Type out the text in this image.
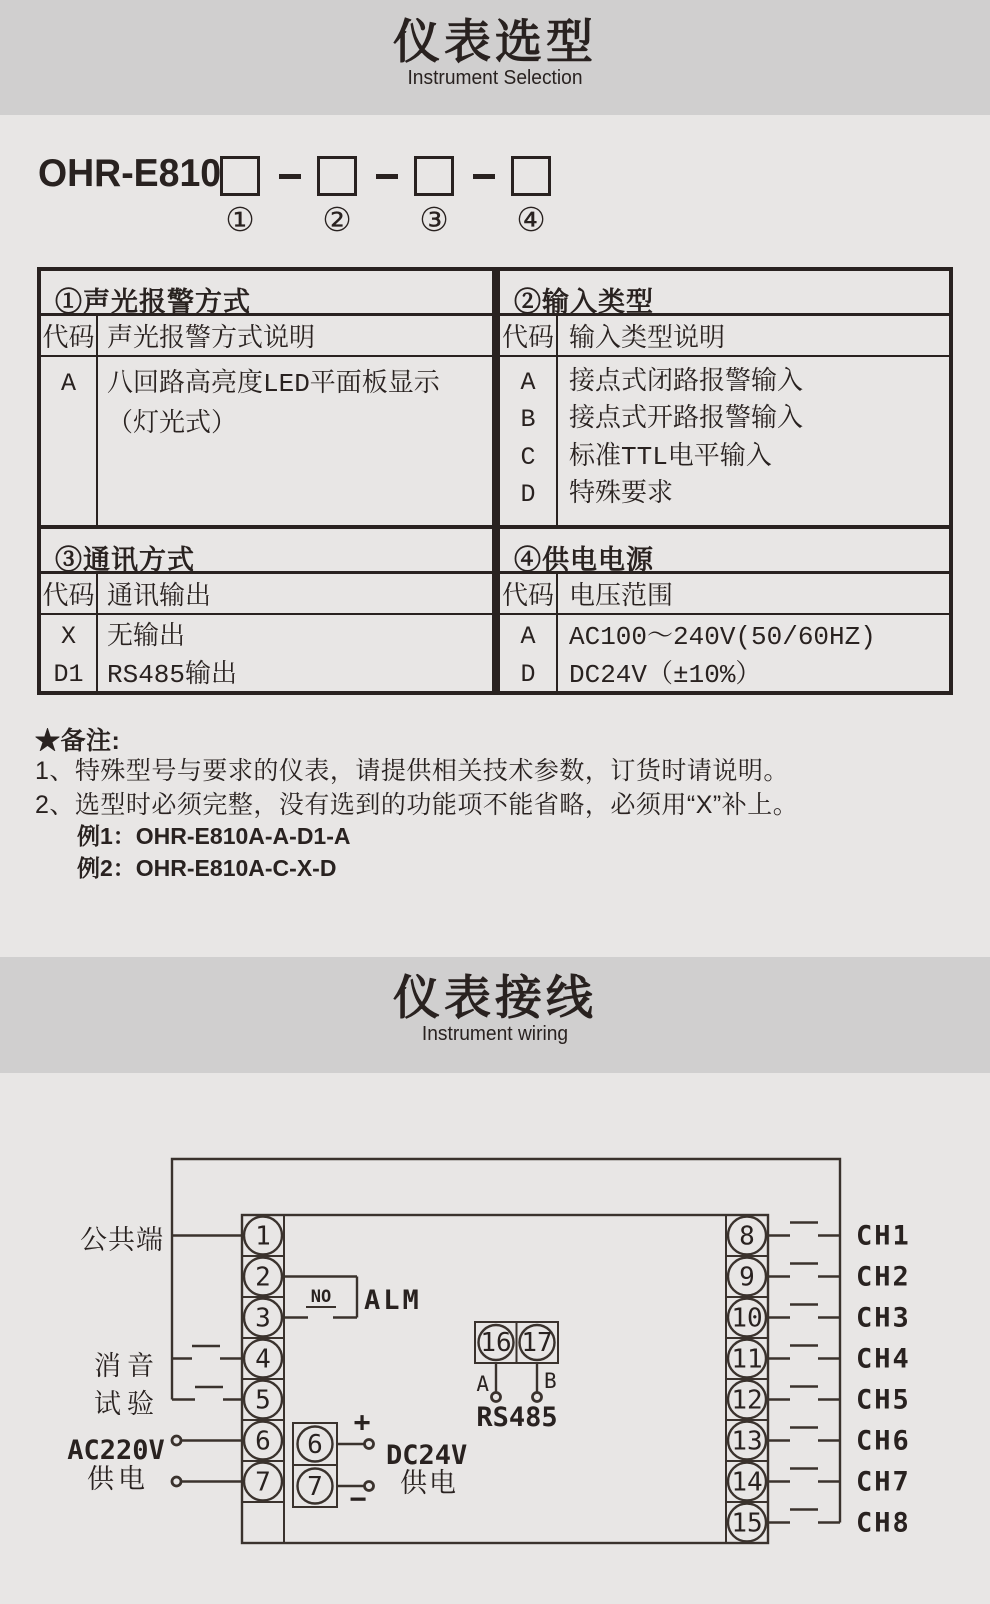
仪表选型
Instrument Selection
OHR-E810
① ② ③ ④
①声光报警方式
代码 声光报警方式说明
A	八回路高亮度LED平面板显示
（灯光式）
③通讯方式
代码 通讯输出
X
D1
无输出
RS485输出
②输入类型
代码 输入类型说明
A
B
C
D
接点式闭路报警输入
接点式开路报警输入
标准TTL电平输入
特殊要求
④供电电源
代码 电压范围
A
D
AC100～240V(50/60HZ)
DC24V（±10%）
★备注:
1、特殊型号与要求的仪表，请提供相关技术参数，订货时请说明。
2、选型时必须完整，没有选到的功能项不能省略，必须用“X”补上。
例1：OHR-E810A-A-D1-A
例2：OHR-E810A-C-X-D
仪表接线
Instrument wiring
1
2
3
4
5
6
7
8
9
10
11
12
13
14
15
公共端
消音
试验
AC220V
供电
NO ALM
6
7
+
−
DC24V
供电
16 17
A	B
RS485
CH1
CH2
CH3
CH4
CH5
CH6
CH7
CH8
